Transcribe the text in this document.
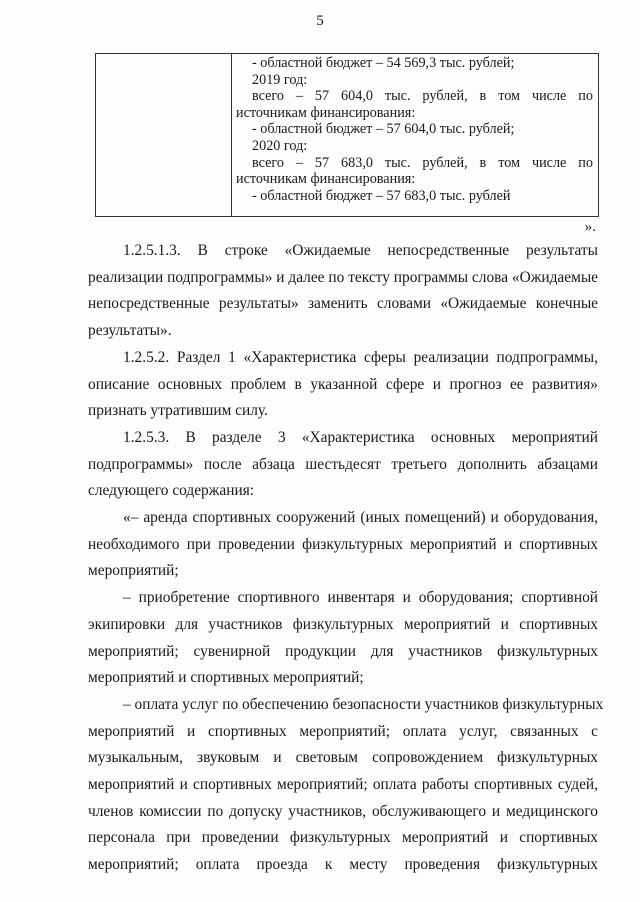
5
- областной бюджет – 54 569,3 тыс. рублей;
2019 год:
всего – 57 604,0 тыс. рублей, в том числе по
источникам финансирования:
- областной бюджет – 57 604,0 тыс. рублей;
2020 год:
всего – 57 683,0 тыс. рублей, в том числе по
источникам финансирования:
- областной бюджет – 57 683,0 тыс. рублей
».
1.2.5.1.3. В строке «Ожидаемые непосредственные результаты
реализации подпрограммы» и далее по тексту программы слова «Ожидаемые
непосредственные результаты» заменить словами «Ожидаемые конечные
результаты».
1.2.5.2. Раздел 1 «Характеристика сферы реализации подпрограммы,
описание основных проблем в указанной сфере и прогноз ее развития»
признать утратившим силу.
1.2.5.3. В разделе 3 «Характеристика основных мероприятий
подпрограммы» после абзаца шестьдесят третьего дополнить абзацами
следующего содержания:
«– аренда спортивных сооружений (иных помещений) и оборудования,
необходимого при проведении физкультурных мероприятий и спортивных
мероприятий;
– приобретение спортивного инвентаря и оборудования; спортивной
экипировки для участников физкультурных мероприятий и спортивных
мероприятий; сувенирной продукции для участников физкультурных
мероприятий и спортивных мероприятий;
– оплата услуг по обеспечению безопасности участников физкультурных
мероприятий и спортивных мероприятий; оплата услуг, связанных с
музыкальным, звуковым и световым сопровождением физкультурных
мероприятий и спортивных мероприятий; оплата работы спортивных судей,
членов комиссии по допуску участников, обслуживающего и медицинского
персонала при проведении физкультурных мероприятий и спортивных
мероприятий; оплата проезда к месту проведения физкультурных
